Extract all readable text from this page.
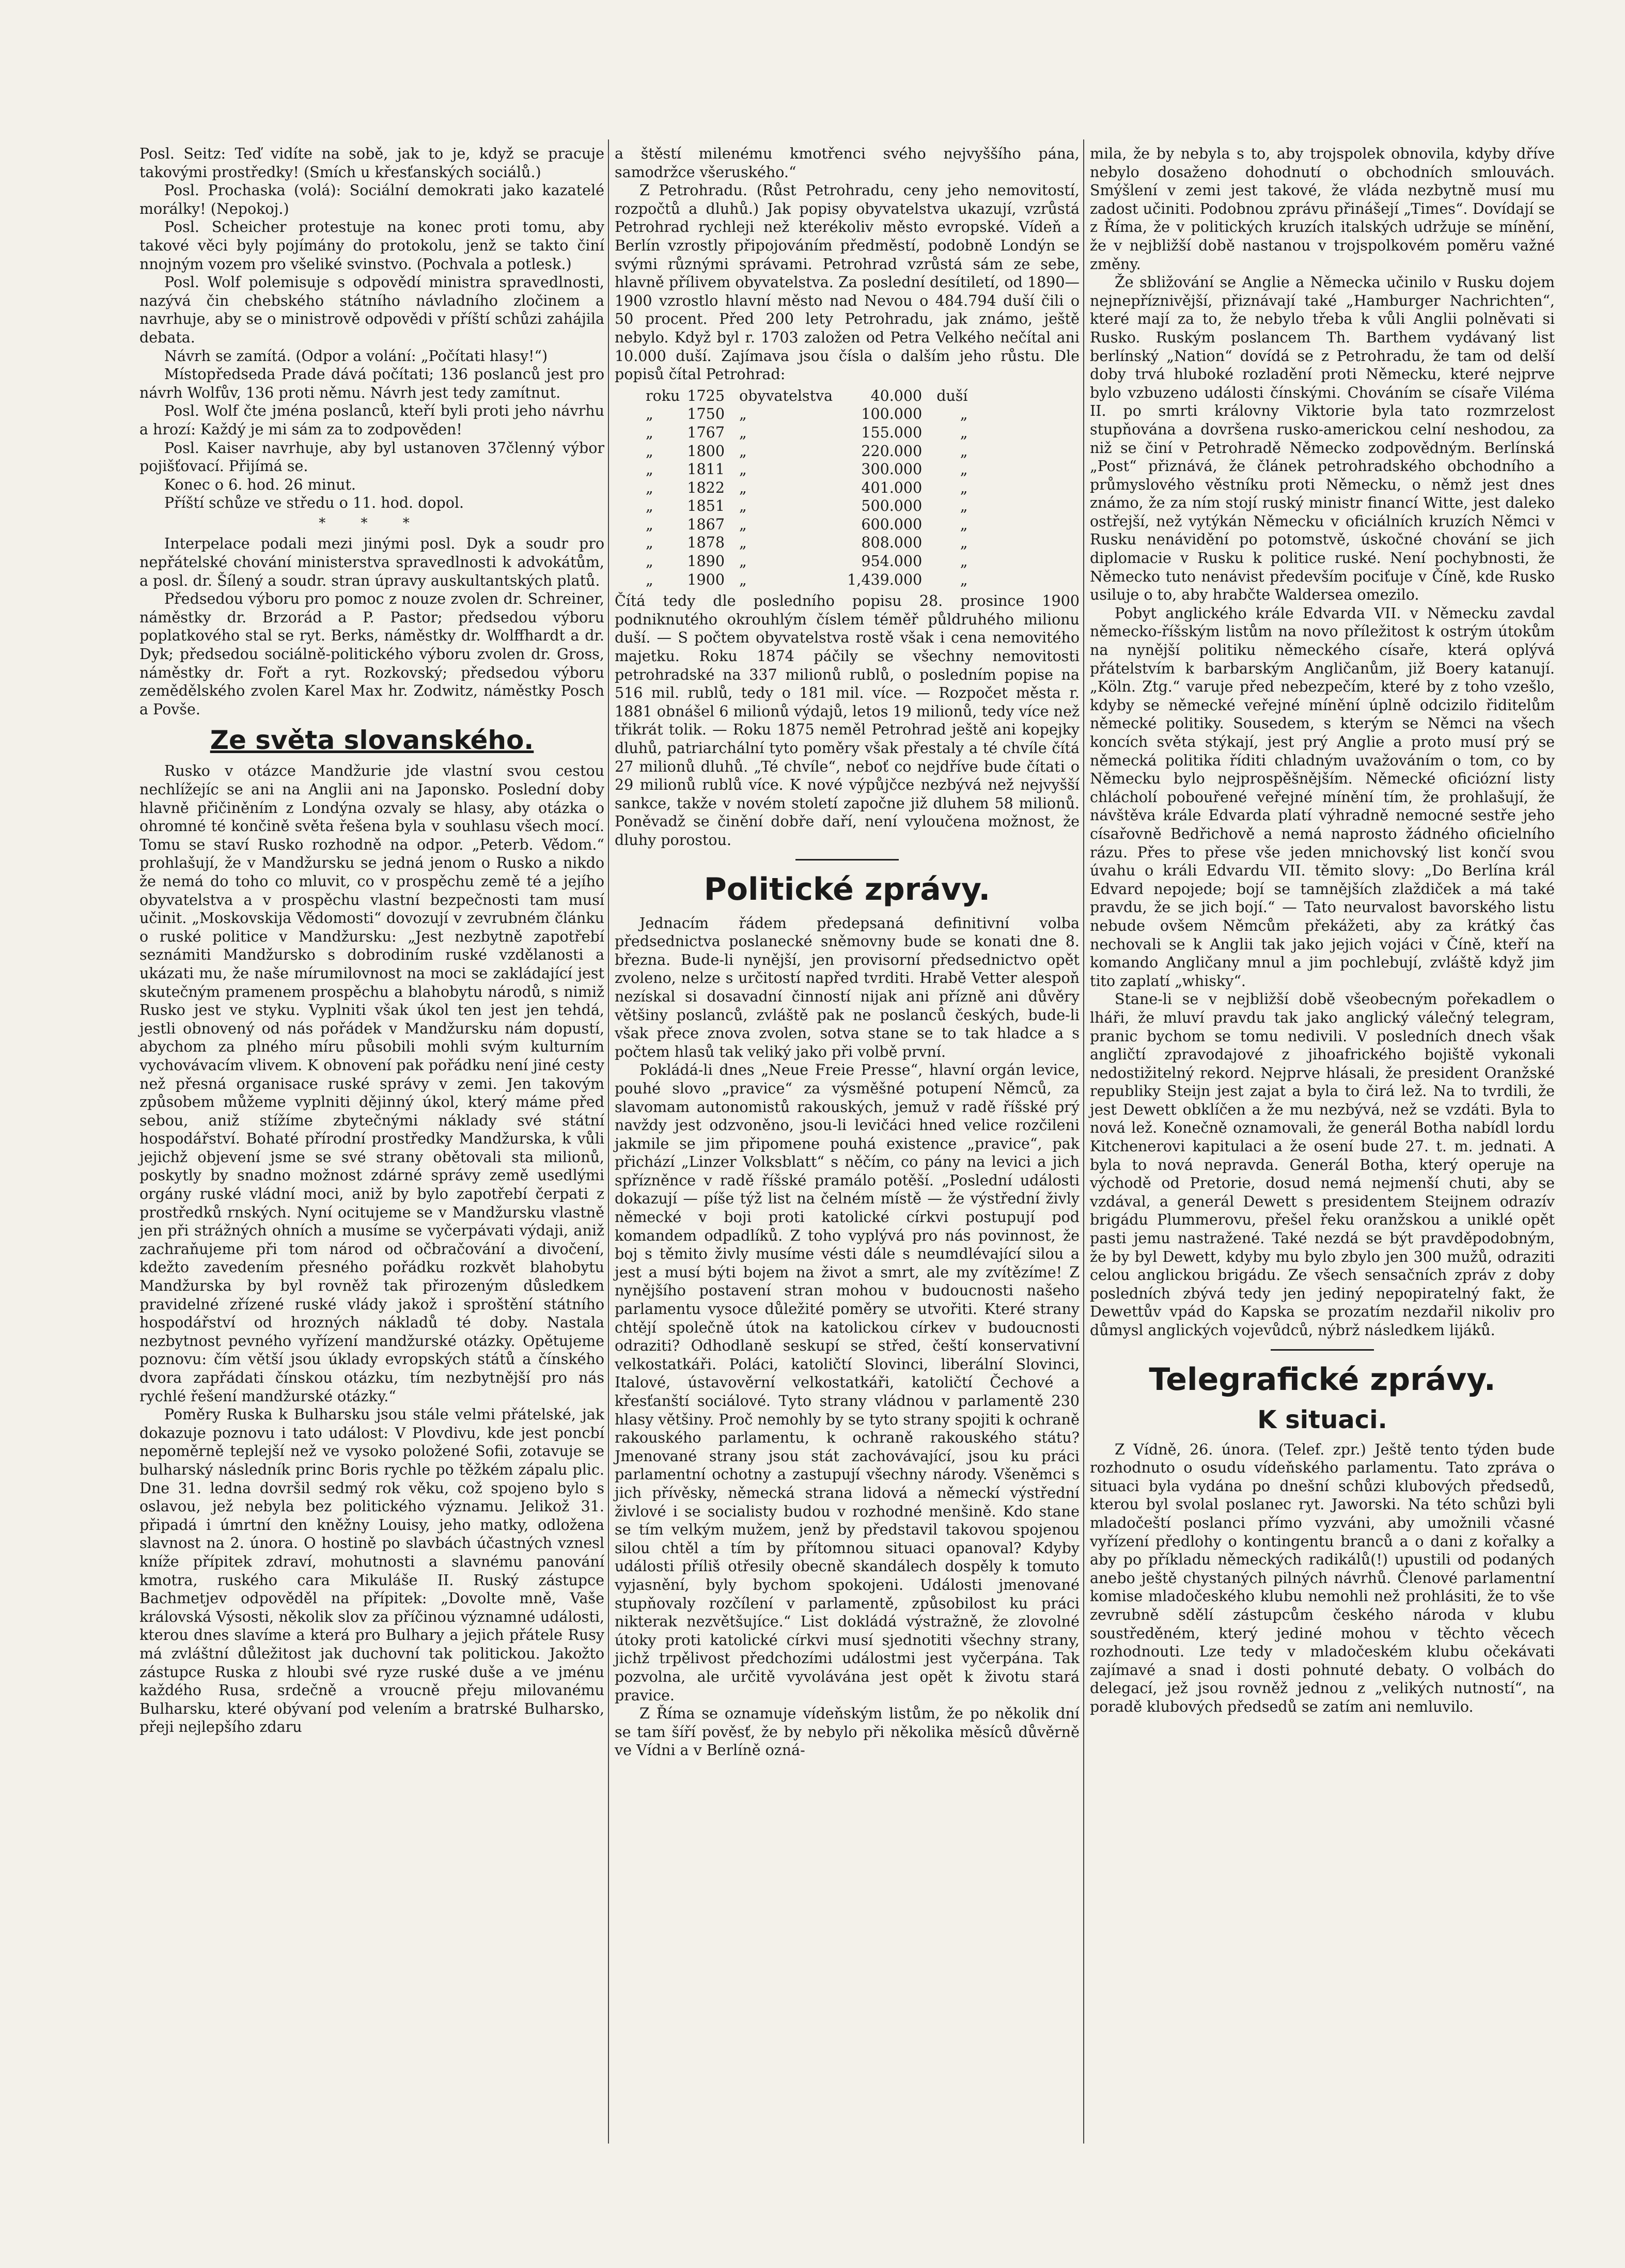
Posl. Seitz: Teď vidíte na sobě, jak to je, když se pracuje takovými prostředky! (Smích u křesťanských sociálů.)

Posl. Prochaska (volá): Sociální demokrati jako kazatelé morálky! (Nepokoj.)

Posl. Scheicher protestuje na konec proti tomu, aby takové věci byly pojímány do protokolu, jenž se takto činí nnojným vozem pro všeliké svinstvo. (Pochvala a potlesk.)

Posl. Wolf polemisuje s odpovědí ministra spravedlnosti, nazývá čin chebského státního návladního zločinem a navrhuje, aby se o ministrově odpovědi v příští schůzi zahájila debata.

Návrh se zamítá. (Odpor a volání: „Počítati hlasy!“)

Místopředseda Prade dává počítati; 136 poslanců jest pro návrh Wolfův, 136 proti němu. Návrh jest tedy zamítnut.

Posl. Wolf čte jména poslanců, kteří byli proti jeho návrhu a hrozí: Každý je mi sám za to zodpověden!

Posl. Kaiser navrhuje, aby byl ustanoven 37členný výbor pojišťovací. Přijímá se.

Konec o 6. hod. 26 minut.

Příští schůze ve středu o 11. hod. dopol.

* * *

Interpelace podali mezi jinými posl. Dyk a soudr pro nepřátelské chování ministerstva spravedlnosti k advokátům, a posl. dr. Šílený a soudr. stran úpravy auskultantských platů.

Předsedou výboru pro pomoc z nouze zvolen dr. Schreiner, náměstky dr. Brzorád a P. Pastor; předsedou výboru poplatkového stal se ryt. Berks, náměstky dr. Wolffhardt a dr. Dyk; předsedou sociálně-politického výboru zvolen dr. Gross, náměstky dr. Fořt a ryt. Rozkovský; předsedou výboru zemědělského zvolen Karel Max hr. Zodwitz, náměstky Posch a Povše.

Ze světa slovanského.

Rusko v otázce Mandžurie jde vlastní svou cestou nechlížejíc se ani na Anglii ani na Japonsko. Poslední doby hlavně přičiněním z Londýna ozvaly se hlasy, aby otázka o ohromné té končině světa řešena byla v souhlasu všech mocí. Tomu se staví Rusko rozhodně na odpor. „Peterb. Vědom.“ prohlašují, že v Mandžursku se jedná jenom o Rusko a nikdo že nemá do toho co mluvit, co v prospěchu země té a jejího obyvatelstva a v prospěchu vlastní bezpečnosti tam musí učinit. „Moskovskija Vědomosti“ dovozují v zevrubném článku o ruské politice v Mandžursku: „Jest nezbytně zapotřebí seznámiti Mandžursko s dobrodiním ruské vzdělanosti a ukázati mu, že naše mírumilovnost na moci se zakládající jest skutečným pramenem prospěchu a blahobytu národů, s nimiž Rusko jest ve styku. Vyplniti však úkol ten jest jen tehdá, jestli obnovený od nás pořádek v Mandžursku nám dopustí, abychom za plného míru působili mohli svým kulturním vychovávacím vlivem. K obnovení pak pořádku není jiné cesty než přesná organisace ruské správy v zemi. Jen takovým způsobem můžeme vyplniti dějinný úkol, který máme před sebou, aniž stížíme zbytečnými náklady své státní hospodářství. Bohaté přírodní prostředky Mandžurska, k vůli jejichž objevení jsme se své strany obětovali sta milionů, poskytly by snadno možnost zdárné správy země usedlými orgány ruské vládní moci, aniž by bylo zapotřebí čerpati z prostředků rnských. Nyní ocitujeme se v Mandžursku vlastně jen při strážných ohních a musíme se vyčerpávati výdaji, aniž zachraňujeme při tom národ od očbračování a divočení, kdežto zavedením přesného pořádku rozkvět blahobytu Mandžurska by byl rovněž tak přirozeným důsledkem pravidelné zřízené ruské vlády jakož i sproštění státního hospodářství od hrozných nákladů té doby. Nastala nezbytnost pevného vyřízení mandžurské otázky. Opětujeme poznovu: čím větší jsou úklady evropských států a čínského dvora zapřádati čínskou otázku, tím nezbytnější pro nás rychlé řešení mandžurské otázky.“

Poměry Ruska k Bulharsku jsou stále velmi přátelské, jak dokazuje poznovu i tato událost: V Plovdivu, kde jest poncbí nepoměrně teplejší než ve vysoko položené Sofii, zotavuje se bulharský následník princ Boris rychle po těžkém zápalu plic. Dne 31. ledna dovršil sedmý rok věku, což spojeno bylo s oslavou, jež nebyla bez politického významu. Jelikož 31. připadá i úmrtní den kněžny Louisy, jeho matky, odložena slavnost na 2. února. O hostině po slavbách účastných vznesl kníže přípitek zdraví, mohutnosti a slavnému panování kmotra, ruského cara Mikuláše II. Ruský zástupce Bachmetjev odpověděl na přípitek: „Dovolte mně, Vaše královská Výsosti, několik slov za příčinou významné události, kterou dnes slavíme a která pro Bulhary a jejich přátele Rusy má zvláštní důležitost jak duchovní tak politickou. Jakožto zástupce Ruska z hloubi své ryze ruské duše a ve jménu každého Rusa, srdečně a vroucně přeju milovanému Bulharsku, které obývaní pod velením a bratrské Bulharsko, přeji nejlepšího zdaru

a štěstí milenému kmotřenci svého nejvyššího pána, samodržce všeruského.“

Z Petrohradu. (Růst Petrohradu, ceny jeho nemovitostí, rozpočtů a dluhů.) Jak popisy obyvatelstva ukazují, vzrůstá Petrohrad rychleji než kterékoliv město evropské. Vídeň a Berlín vzrostly připojováním předměstí, podobně Londýn se svými různými správami. Petrohrad vzrůstá sám ze sebe, hlavně přílivem obyvatelstva. Za poslední desítiletí, od 1890—1900 vzrostlo hlavní město nad Nevou o 484.794 duší čili o 50 procent. Před 200 lety Petrohradu, jak známo, ještě nebylo. Když byl r. 1703 založen od Petra Velkého nečítal ani 10.000 duší. Zajímava jsou čísla o dalším jeho růstu. Dle popisů čítal Petrohrad:

roku	1725	obyvatelstva	40.000	duší
„	1750	„	100.000	„
„	1767	„	155.000	„
„	1800	„	220.000	„
„	1811	„	300.000	„
„	1822	„	401.000	„
„	1851	„	500.000	„
„	1867	„	600.000	„
„	1878	„	808.000	„
„	1890	„	954.000	„
„	1900	„	1,439.000	„

Čítá tedy dle posledního popisu 28. prosince 1900 podniknutého okrouhlým číslem téměř půldruhého milionu duší. — S počtem obyvatelstva rostě však i cena nemovitého majetku. Roku 1874 páčily se všechny nemovitosti petrohradské na 337 milionů rublů, o posledním popise na 516 mil. rublů, tedy o 181 mil. více. — Rozpočet města r. 1881 obnášel 6 milionů výdajů, letos 19 milionů, tedy více než třikrát tolik. — Roku 1875 neměl Petrohrad ještě ani kopejky dluhů, patriarchální tyto poměry však přestaly a té chvíle čítá 27 milionů dluhů. „Té chvíle“, neboť co nejdříve bude čítati o 29 milionů rublů více. K nové výpůjčce nezbývá než nejvyšší sankce, takže v novém století započne již dluhem 58 milionů. Poněvadž se činění dobře daří, není vyloučena možnost, že dluhy porostou.

Politické zprávy.

Jednacím řádem předepsaná definitivní volba předsednictva poslanecké sněmovny bude se konati dne 8. března. Bude-li nynější, jen provisorní předsednictvo opět zvoleno, nelze s určitostí napřed tvrditi. Hrabě Vetter alespoň nezískal si dosavadní činností nijak ani přízně ani důvěry většiny poslanců, zvláště pak ne poslanců českých, bude-li však přece znova zvolen, sotva stane se to tak hladce a s počtem hlasů tak veliký jako při volbě první.

Pokládá-li dnes „Neue Freie Presse“, hlavní orgán levice, pouhé slovo „pravice“ za výsměšné potupení Němců, za slavomam autonomistů rakouských, jemuž v radě říšské prý navždy jest odzvoněno, jsou-li levičáci hned velice rozčileni jakmile se jim připomene pouhá existence „pravice“, pak přichází „Linzer Volksblatt“ s něčím, co pány na levici a jich spřízněnce v radě říšské pramálo potěší. „Poslední události dokazují — píše týž list na čelném místě — že výstřední živly německé v boji proti katolické církvi postupují pod komandem odpadlíků. Z toho vyplývá pro nás povinnost, že boj s těmito živly musíme vésti dále s neumdlévající silou a jest a musí býti bojem na život a smrt, ale my zvítězíme! Z nynějšího postavení stran mohou v budoucnosti našeho parlamentu vysoce důležité poměry se utvořiti. Které strany chtějí společně útok na katolickou církev v budoucnosti odraziti? Odhodlaně seskupí se střed, čeští konservativní velkostatkáři. Poláci, katoličtí Slovinci, liberální Slovinci, Italové, ústavověrní velkostatkáři, katoličtí Čechové a křesťanští sociálové. Tyto strany vládnou v parlamentě 230 hlasy většiny. Proč nemohly by se tyto strany spojiti k ochraně rakouského parlamentu, k ochraně rakouského státu? Jmenované strany jsou stát zachovávající, jsou ku práci parlamentní ochotny a zastupují všechny národy. Všeněmci s jich přívěsky, německá strana lidová a německí výstřední živlové i se socialisty budou v rozhodné menšině. Kdo stane se tím velkým mužem, jenž by představil takovou spojenou silou chtěl a tím by přítomnou situaci opanoval? Kdyby události příliš otřesily obecně skandálech dospěly k tomuto vyjasnění, byly bychom spokojeni. Události jmenované stupňovaly rozčílení v parlamentě, způsobilost ku práci nikterak nezvětšujíce.“ List dokládá výstražně, že zlovolné útoky proti katolické církvi musí sjednotiti všechny strany, jichž trpělivost předchozími událostmi jest vyčerpána. Tak pozvolna, ale určitě vyvolávána jest opět k životu stará pravice.

Z Říma se oznamuje vídeňským listům, že po několik dní se tam šíří pověsť, že by nebylo při několika měsíců důvěrně ve Vídni a v Berlíně ozná-

mila, že by nebyla s to, aby trojspolek obnovila, kdyby dříve nebylo dosaženo dohodnutí o obchodních smlouvách. Smýšlení v zemi jest takové, že vláda nezbytně musí mu zadost učiniti. Podobnou zprávu přinášejí „Times“. Dovídají se z Říma, že v politických kruzích italských udržuje se mínění, že v nejbližší době nastanou v trojspolkovém poměru važné změny.

Že sbližování se Anglie a Německa učinilo v Rusku dojem nejnepříznivější, přiznávají také „Hamburger Nachrichten“, které mají za to, že nebylo třeba k vůli Anglii polněvati si Rusko. Ruským poslancem Th. Barthem vydávaný list berlínský „Nation“ dovídá se z Petrohradu, že tam od delší doby trvá hluboké rozladění proti Německu, které nejprve bylo vzbuzeno události čínskými. Chováním se císaře Viléma II. po smrti královny Viktorie byla tato rozmrzelost stupňována a dovršena rusko-americkou celní neshodou, za niž se činí v Petrohradě Německo zodpovědným. Berlínská „Post“ přiznává, že článek petrohradského obchodního a průmyslového věstníku proti Německu, o němž jest dnes známo, že za ním stojí ruský ministr financí Witte, jest daleko ostřejší, než vytýkán Německu v oficiálních kruzích Němci v Rusku nenávidění po potomstvě, úskočné chování se jich diplomacie v Rusku k politice ruské. Není pochybnosti, že Německo tuto nenávist především pociťuje v Číně, kde Rusko usiluje o to, aby hrabčte Waldersea omezilo.

Pobyt anglického krále Edvarda VII. v Německu zavdal německo-říšským listům na novo příležitost k ostrým útokům na nynější politiku německého císaře, která oplývá přátelstvím k barbarským Angličanům, již Boery katanují. „Köln. Ztg.“ varuje před nebezpečím, které by z toho vzešlo, kdyby se německé veřejné mínění úplně odcizilo řiditelům německé politiky. Sousedem, s kterým se Němci na všech koncích světa stýkají, jest prý Anglie a proto musí prý se německá politika říditi chladným uvažováním o tom, co by Německu bylo nejprospěšnějším. Německé oficiózní listy chlácholí pobouřené veřejné mínění tím, že prohlašují, že návštěva krále Edvarda platí výhradně nemocné sestře jeho císařovně Bedřichově a nemá naprosto žádného oficielního rázu. Přes to přese vše jeden mnichovský list končí svou úvahu o králi Edvardu VII. těmito slovy: „Do Berlína král Edvard nepojede; bojí se tamnějších zlaždiček a má také pravdu, že se jich bojí.“ — Tato neurvalost bavorského listu nebude ovšem Němcům překážeti, aby za krátký čas nechovali se k Anglii tak jako jejich vojáci v Číně, kteří na komando Angličany mnul a jim pochlebují, zvláště když jim tito zaplatí „whisky“.

Stane-li se v nejbližší době všeobecným pořekadlem o lháři, že mluví pravdu tak jako anglický válečný telegram, pranic bychom se tomu nedivili. V posledních dnech však angličtí zpravodajové z jihoafrického bojiště vykonali nedostižitelný rekord. Nejprve hlásali, že president Oranžské republiky Steijn jest zajat a byla to čirá lež. Na to tvrdili, že jest Dewett obklíčen a že mu nezbývá, než se vzdáti. Byla to nová lež. Konečně oznamovali, že generál Botha nabídl lordu Kitchenerovi kapitulaci a že osení bude 27. t. m. jednati. A byla to nová nepravda. Generál Botha, který operuje na východě od Pretorie, dosud nemá nejmenší chuti, aby se vzdával, a generál Dewett s presidentem Steijnem odrazív brigádu Plummerovu, přešel řeku oranžskou a uniklé opět pasti jemu nastražené. Také nezdá se být pravděpodobným, že by byl Dewett, kdyby mu bylo zbylo jen 300 mužů, odraziti celou anglickou brigádu. Ze všech sensačních zpráv z doby posledních zbývá tedy jen jediný nepopiratelný fakt, že Dewettův vpád do Kapska se prozatím nezdařil nikoliv pro důmysl anglických vojevůdců, nýbrž následkem lijáků.

Telegrafické zprávy.
K situaci.

Z Vídně, 26. února. (Telef. zpr.) Ještě tento týden bude rozhodnuto o osudu vídeňského parlamentu. Tato zpráva o situaci byla vydána po dnešní schůzi klubových předsedů, kterou byl svolal poslanec ryt. Jaworski. Na této schůzi byli mladočeští poslanci přímo vyzváni, aby umožnili včasné vyřízení předlohy o kontingentu branců a o dani z kořalky a aby po příkladu německých radikálů(!) upustili od podaných anebo ještě chystaných pilných návrhů. Členové parlamentní komise mladočeského klubu nemohli než prohlásiti, že to vše zevrubně sdělí zástupcům českého národa v klubu soustředěném, který jediné mohou v těchto věcech rozhodnouti. Lze tedy v mladočeském klubu očekávati zajímavé a snad i dosti pohnuté debaty. O volbách do delegací, jež jsou rovněž jednou z „velikých nutností“, na poradě klubových předsedů se zatím ani nemluvilo.
